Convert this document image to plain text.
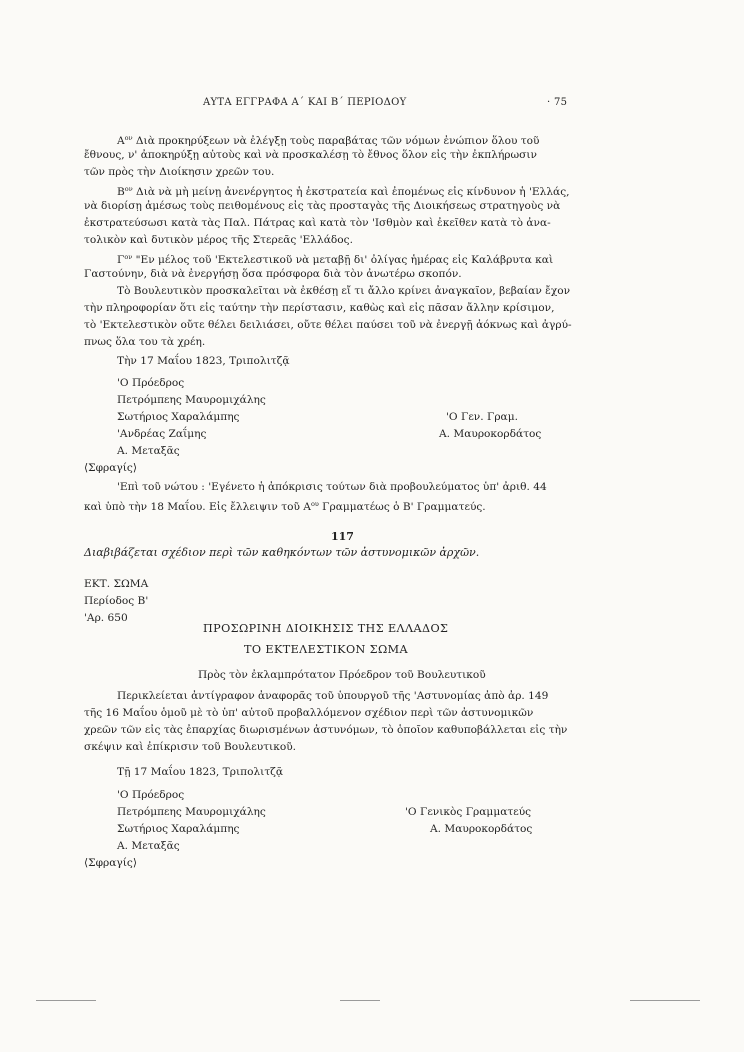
ΑΥΤΑ ΕΓΓΡΑΦΑ Α΄ ΚΑΙ Β΄ ΠΕΡΙΟΔΟΥ	· 75
$A^{o\nu}$ Διὰ προκηρύξεων νὰ ἐλέγξῃ τοὺς παραβάτας τῶν νόμων ἐνώπιον ὅλου τοῦ
ἔθνους, ν' ἀποκηρύξῃ αὐτοὺς καὶ νὰ προσκαλέσῃ τὸ ἔθνος ὅλον εἰς τὴν ἐκπλήρωσιν
τῶν πρὸς τὴν Διοίκησιν χρεῶν του.
$B^{o\nu}$ Διὰ νὰ μὴ μείνῃ ἀνενέργητος ἡ ἐκστρατεία καὶ ἐπομένως εἰς κίνδυνον ἡ 'Ελλάς,
νὰ διορίσῃ ἀμέσως τοὺς πειθομένους εἰς τὰς προσταγὰς τῆς Διοικήσεως στρατηγοὺς νὰ
ἐκστρατεύσωσι κατὰ τὰς Παλ. Πάτρας καὶ κατὰ τὸν 'Ισθμὸν καὶ ἐκεῖθεν κατὰ τὸ ἀνα-
τολικὸν καὶ δυτικὸν μέρος τῆς Στερεᾶς 'Ελλάδος.
$\Gamma^{o\nu}$ "Εν μέλος τοῦ 'Εκτελεστικοῦ νὰ μεταβῇ δι' ὀλίγας ἡμέρας εἰς Καλάβρυτα καὶ
Γαστούνην, διὰ νὰ ἐνεργήσῃ ὅσα πρόσφορα διὰ τὸν ἀνωτέρω σκοπόν.
Τὸ Βουλευτικὸν προσκαλεῖται νὰ ἐκθέσῃ εἴ τι ἄλλο κρίνει ἀναγκαῖον, βεβαίαν ἔχον
τὴν πληροφορίαν ὅτι εἰς ταύτην τὴν περίστασιν, καθὼς καὶ εἰς πᾶσαν ἄλλην κρίσιμον,
τὸ 'Εκτελεστικὸν οὔτε θέλει δειλιάσει, οὔτε θέλει παύσει τοῦ νὰ ἐνεργῇ ἀόκνως καὶ ἀγρύ-
πνως ὅλα του τὰ χρέη.
Τὴν 17 Μαΐου 1823, Τριπολιτζᾷ
'Ο Πρόεδρος
Πετρόμπεης Μαυρομιχάλης
Σωτήριος Χαραλάμπης
'Ανδρέας Ζαΐμης
Α. Μεταξᾶς
'Ο Γεν. Γραμ.
Α. Μαυροκορδάτος
⟨Σφραγίς⟩
'Επὶ τοῦ νώτου : 'Εγένετο ἡ ἀπόκρισις τούτων διὰ προβουλεύματος ὑπ' ἀριθ. 44
καὶ ὑπὸ τὴν 18 Μαΐου. Εἰς ἔλλειψιν τοῦ $A^{o\upsilon}$ Γραμματέως ὁ Β' Γραμματεύς.
117
Διαβιβάζεται σχέδιον περὶ τῶν καθηκόντων τῶν ἀστυνομικῶν ἀρχῶν.
ΕΚΤ. ΣΩΜΑ
Περίοδος Β'
'Αρ. 650
ΠΡΟΣΩΡΙΝΗ ΔΙΟΙΚΗΣΙΣ ΤΗΣ ΕΛΛΑΔΟΣ
ΤΟ ΕΚΤΕΛΕΣΤΙΚΟΝ ΣΩΜΑ
Πρὸς τὸν ἐκλαμπρότατον Πρόεδρον τοῦ Βουλευτικοῦ
Περικλείεται ἀντίγραφον ἀναφορᾶς τοῦ ὑπουργοῦ τῆς 'Αστυνομίας ἀπὸ ἀρ. 149
τῆς 16 Μαΐου ὁμοῦ μὲ τὸ ὑπ' αὐτοῦ προβαλλόμενον σχέδιον περὶ τῶν ἀστυνομικῶν
χρεῶν τῶν εἰς τὰς ἐπαρχίας διωρισμένων ἀστυνόμων, τὸ ὁποῖον καθυποβάλλεται εἰς τὴν
σκέψιν καὶ ἐπίκρισιν τοῦ Βουλευτικοῦ.
Τῇ 17 Μαΐου 1823, Τριπολιτζᾷ
'Ο Πρόεδρος
Πετρόμπεης Μαυρομιχάλης
Σωτήριος Χαραλάμπης
Α. Μεταξᾶς
'Ο Γενικὸς Γραμματεύς
Α. Μαυροκορδάτος
⟨Σφραγίς⟩
